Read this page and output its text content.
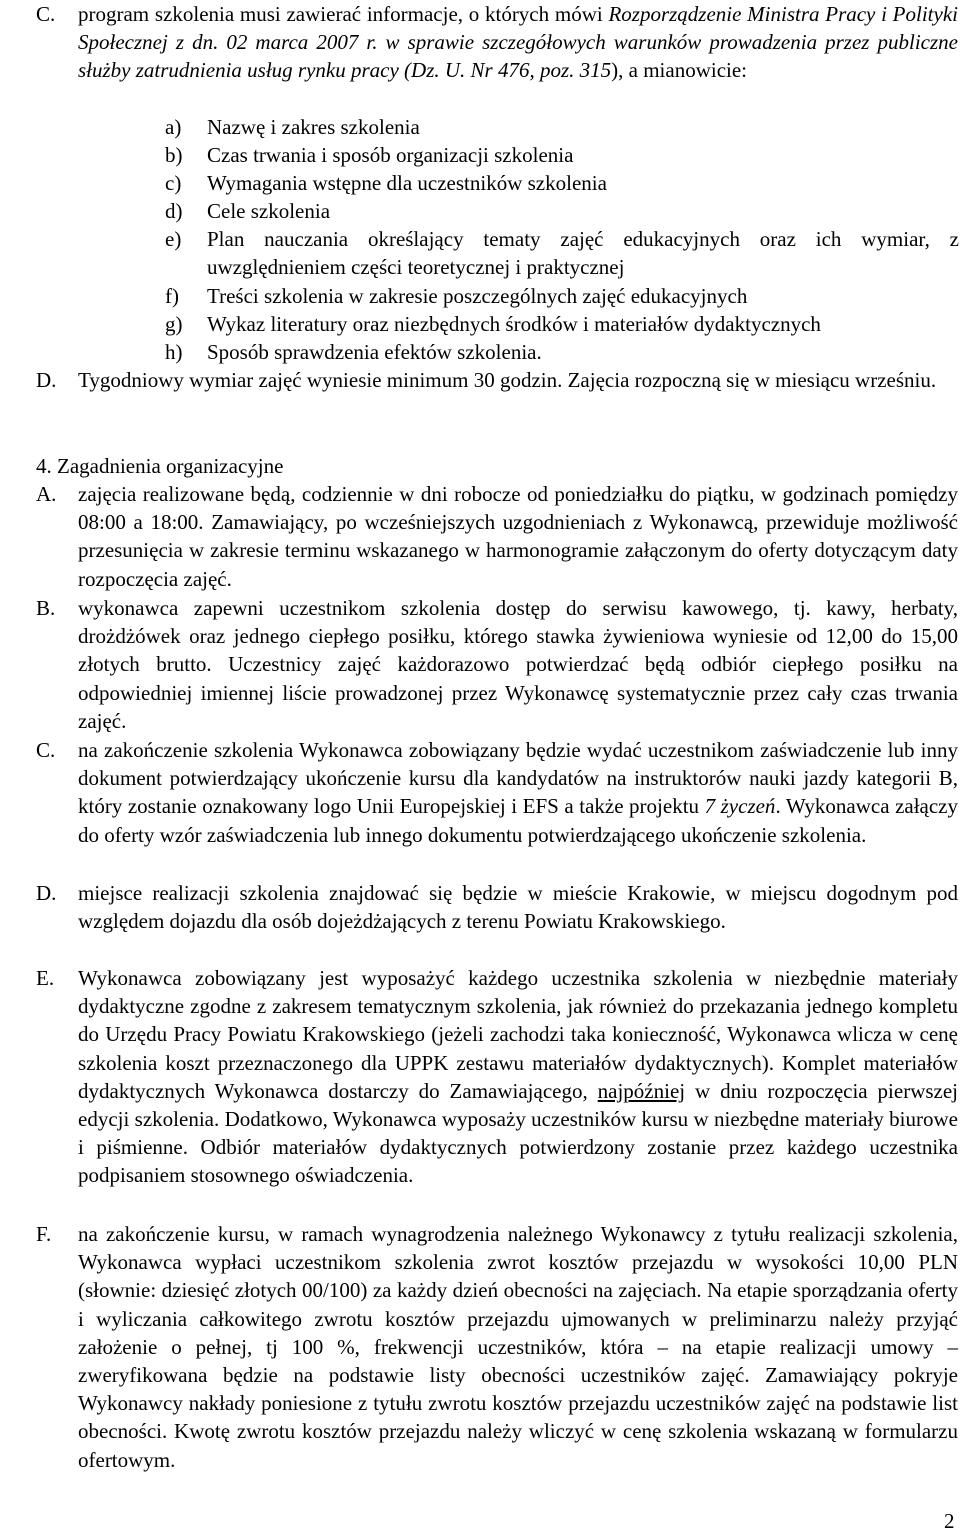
C. program szkolenia musi zawierać informacje, o których mówi Rozporządzenie Ministra Pracy i Polityki Społecznej z dn. 02 marca 2007 r. w sprawie szczegółowych warunków prowadzenia przez publiczne służby zatrudnienia usług rynku pracy (Dz. U. Nr 476, poz. 315), a mianowicie:
a) Nazwę i zakres szkolenia
b) Czas trwania i sposób organizacji szkolenia
c) Wymagania wstępne dla uczestników szkolenia
d) Cele szkolenia
e) Plan nauczania określający tematy zajęć edukacyjnych oraz ich wymiar, z uwzględnieniem części teoretycznej i praktycznej
f) Treści szkolenia w zakresie poszczególnych zajęć edukacyjnych
g) Wykaz literatury oraz niezbędnych środków i materiałów dydaktycznych
h) Sposób sprawdzenia efektów szkolenia.
D. Tygodniowy wymiar zajęć wyniesie minimum 30 godzin. Zajęcia rozpoczną się w miesiącu wrześniu.
4. Zagadnienia organizacyjne
A. zajęcia realizowane będą, codziennie w dni robocze od poniedziałku do piątku, w godzinach pomiędzy 08:00 a 18:00. Zamawiający, po wcześniejszych uzgodnieniach z Wykonawcą, przewiduje możliwość przesunięcia w zakresie terminu wskazanego w harmonogramie załączonym do oferty dotyczącym daty rozpoczęcia zajęć.
B. wykonawca zapewni uczestnikom szkolenia dostęp do serwisu kawowego, tj. kawy, herbaty, drożdżówek oraz jednego ciepłego posiłku, którego stawka żywieniowa wyniesie od 12,00 do 15,00 złotych brutto. Uczestnicy zajęć każdorazowo potwierdzać będą odbiór ciepłego posiłku na odpowiedniej imiennej liście prowadzonej przez Wykonawcę systematycznie przez cały czas trwania zajęć.
C. na zakończenie szkolenia Wykonawca zobowiązany będzie wydać uczestnikom zaświadczenie lub inny dokument potwierdzający ukończenie kursu dla kandydatów na instruktorów nauki jazdy kategorii B, który zostanie oznakowany logo Unii Europejskiej i EFS a także projektu 7 życzeń. Wykonawca załączy do oferty wzór zaświadczenia lub innego dokumentu potwierdzającego ukończenie szkolenia.
D. miejsce realizacji szkolenia znajdować się będzie w mieście Krakowie, w miejscu dogodnym pod względem dojazdu dla osób dojeżdżających z terenu Powiatu Krakowskiego.
E. Wykonawca zobowiązany jest wyposażyć każdego uczestnika szkolenia w niezbędnie materiały dydaktyczne zgodne z zakresem tematycznym szkolenia, jak również do przekazania jednego kompletu do Urzędu Pracy Powiatu Krakowskiego (jeżeli zachodzi taka konieczność, Wykonawca wlicza w cenę szkolenia koszt przeznaczonego dla UPPK zestawu materiałów dydaktycznych). Komplet materiałów dydaktycznych Wykonawca dostarczy do Zamawiającego, najpóźniej w dniu rozpoczęcia pierwszej edycji szkolenia. Dodatkowo, Wykonawca wyposaży uczestników kursu w niezbędne materiały biurowe i piśmienne. Odbiór materiałów dydaktycznych potwierdzony zostanie przez każdego uczestnika podpisaniem stosownego oświadczenia.
F. na zakończenie kursu, w ramach wynagrodzenia należnego Wykonawcy z tytułu realizacji szkolenia, Wykonawca wypłaci uczestnikom szkolenia zwrot kosztów przejazdu w wysokości 10,00 PLN (słownie: dziesięć złotych 00/100) za każdy dzień obecności na zajęciach. Na etapie sporządzania oferty i wyliczania całkowitego zwrotu kosztów przejazdu ujmowanych w preliminarzu należy przyjąć założenie o pełnej, tj 100 %, frekwencji uczestników, która – na etapie realizacji umowy – zweryfikowana będzie na podstawie listy obecności uczestników zajęć. Zamawiający pokryje Wykonawcy nakłady poniesione z tytułu zwrotu kosztów przejazdu uczestników zajęć na podstawie list obecności. Kwotę zwrotu kosztów przejazdu należy wliczyć w cenę szkolenia wskazaną w formularzu ofertowym.
2
